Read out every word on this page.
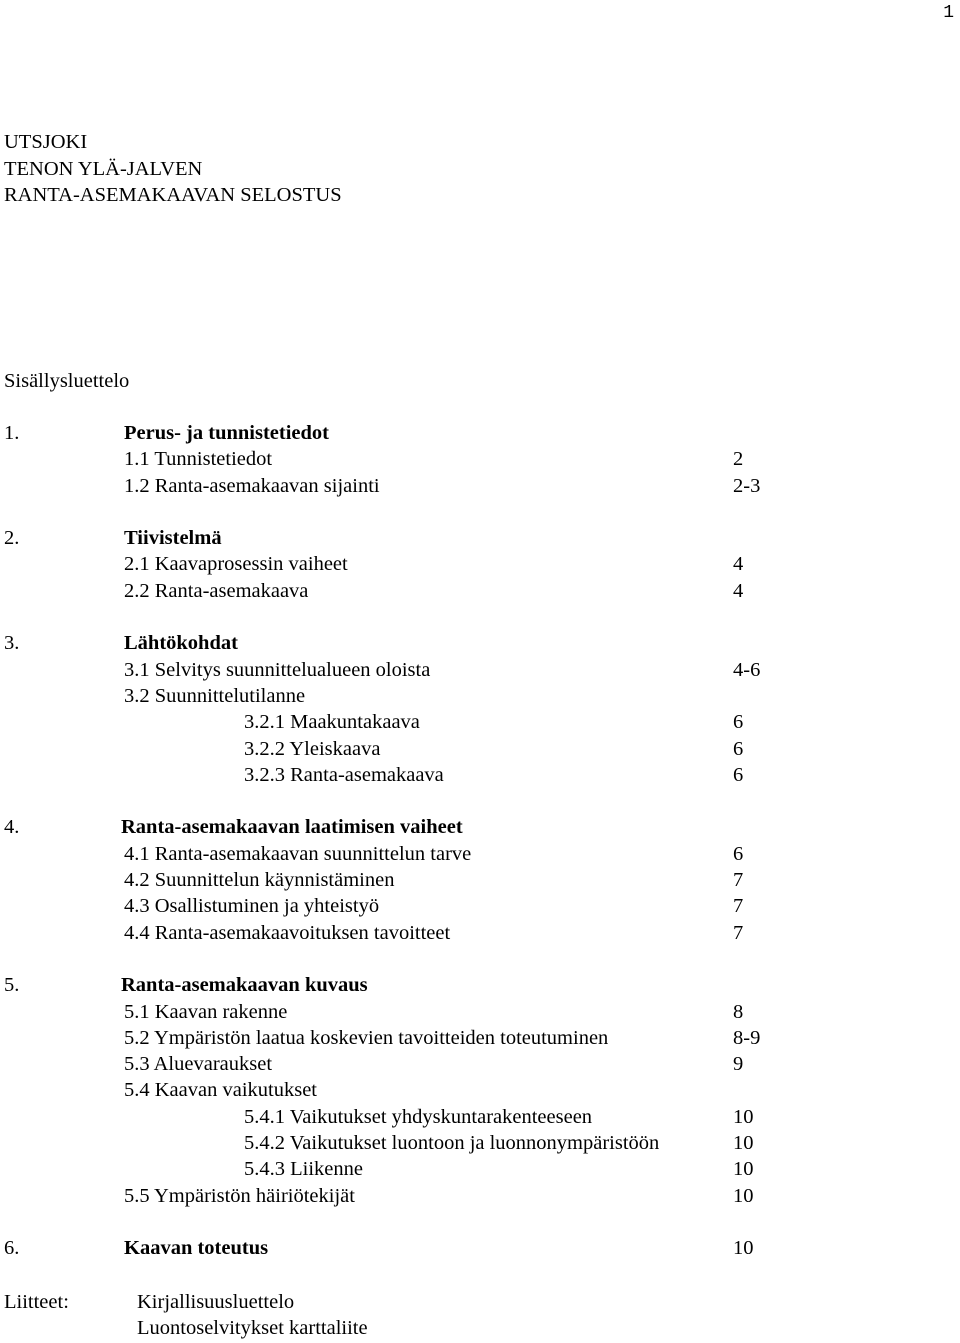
1
UTSJOKI
TENON YLÄ-JALVEN
RANTA-ASEMAKAAVAN SELOSTUS
Sisällysluettelo
1.	Perus- ja tunnistetiedot
1.1 Tunnistetiedot	2
1.2 Ranta-asemakaavan sijainti	2-3
2.	Tiivistelmä
2.1 Kaavaprosessin vaiheet	4
2.2 Ranta-asemakaava	4
3.	Lähtökohdat
3.1 Selvitys suunnittelualueen oloista	4-6
3.2 Suunnittelutilanne
3.2.1 Maakuntakaava	6
3.2.2 Yleiskaava	6
3.2.3 Ranta-asemakaava	6
4.	Ranta-asemakaavan laatimisen vaiheet
4.1 Ranta-asemakaavan suunnittelun tarve	6
4.2 Suunnittelun käynnistäminen	7
4.3 Osallistuminen ja yhteistyö	7
4.4 Ranta-asemakaavoituksen tavoitteet	7
5.	Ranta-asemakaavan kuvaus
5.1 Kaavan rakenne	8
5.2 Ympäristön laatua koskevien tavoitteiden toteutuminen	8-9
5.3 Aluevaraukset	9
5.4 Kaavan vaikutukset
5.4.1 Vaikutukset yhdyskuntarakenteeseen	10
5.4.2 Vaikutukset luontoon ja luonnonympäristöön	10
5.4.3 Liikenne	10
5.5 Ympäristön häiriötekijät	10
6.	Kaavan toteutus	10
Liitteet:	Kirjallisuusluettelo
Luontoselvitykset karttaliite
